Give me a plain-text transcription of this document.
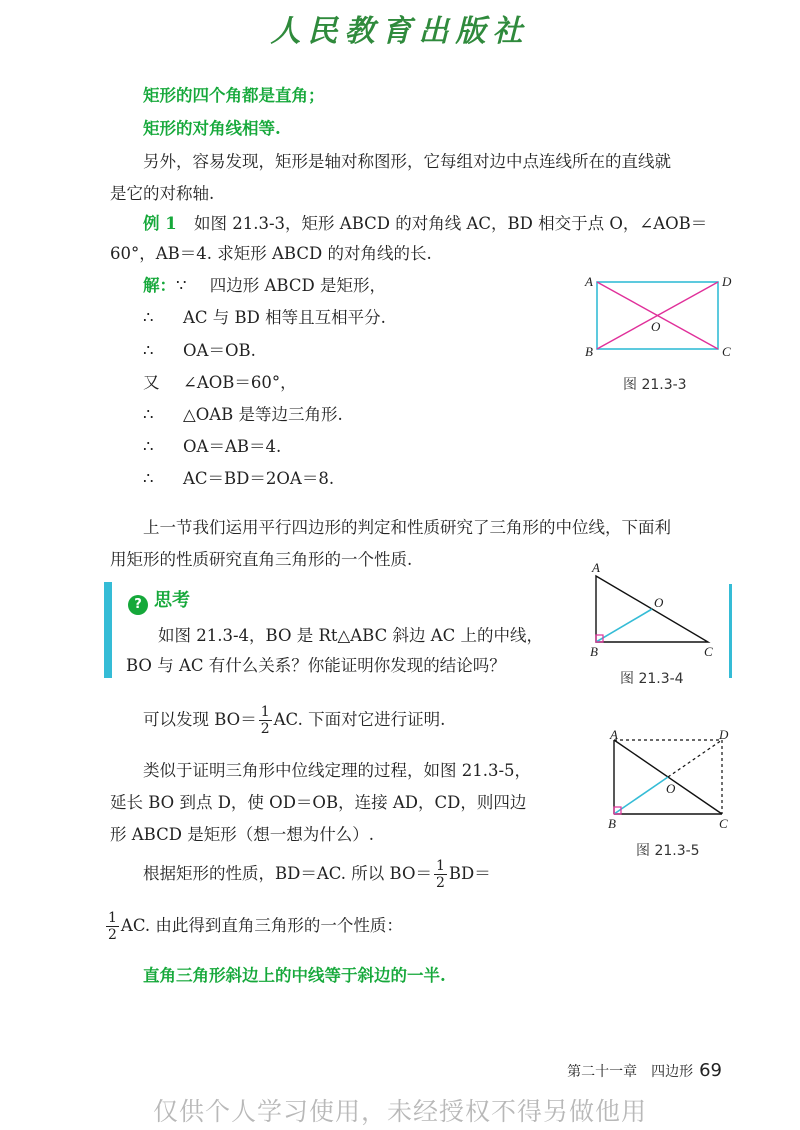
人民教育出版社
矩形的四个角都是直角；
矩形的对角线相等.
另外，容易发现，矩形是轴对称图形，它每组对边中点连线所在的直线就
是它的对称轴.
例 1 如图 21.3-3，矩形 ABCD 的对角线 AC，BD 相交于点 O，∠AOB＝
60°，AB＝4. 求矩形 ABCD 的对角线的长.
解：∵ 四边形 ABCD 是矩形，
∴ AC 与 BD 相等且互相平分.
∴ OA＝OB.
又 ∠AOB＝60°，
∴ △OAB 是等边三角形.
∴ OA＝AB＝4.
∴ AC＝BD＝2OA＝8.
A	D
B	C
O
图 21.3-3
上一节我们运用平行四边形的判定和性质研究了三角形的中位线，下面利
用矩形的性质研究直角三角形的一个性质.
? 思考
如图 21.3-4，BO 是 Rt△ABC 斜边 AC 上的中线，
BO 与 AC 有什么关系？你能证明你发现的结论吗？
A
O
B	C
图 21.3-4
可以发现 $BO= \frac{1}{2}$ AC. 下面对它进行证明.
类似于证明三角形中位线定理的过程，如图 21.3-5，
延长 BO 到点 D，使 OD＝OB，连接 AD，CD，则四边
形 ABCD 是矩形（想一想为什么）.
A	D
O
B	C
图 21.3-5
根据矩形的性质，BD＝AC. 所以 $BO= \frac{1}{2} BD=$
$\frac{1}{2}$ AC. 由此得到直角三角形的一个性质：
直角三角形斜边上的中线等于斜边的一半.
第二十一章　四边形 69
仅供个人学习使用，未经授权不得另做他用
